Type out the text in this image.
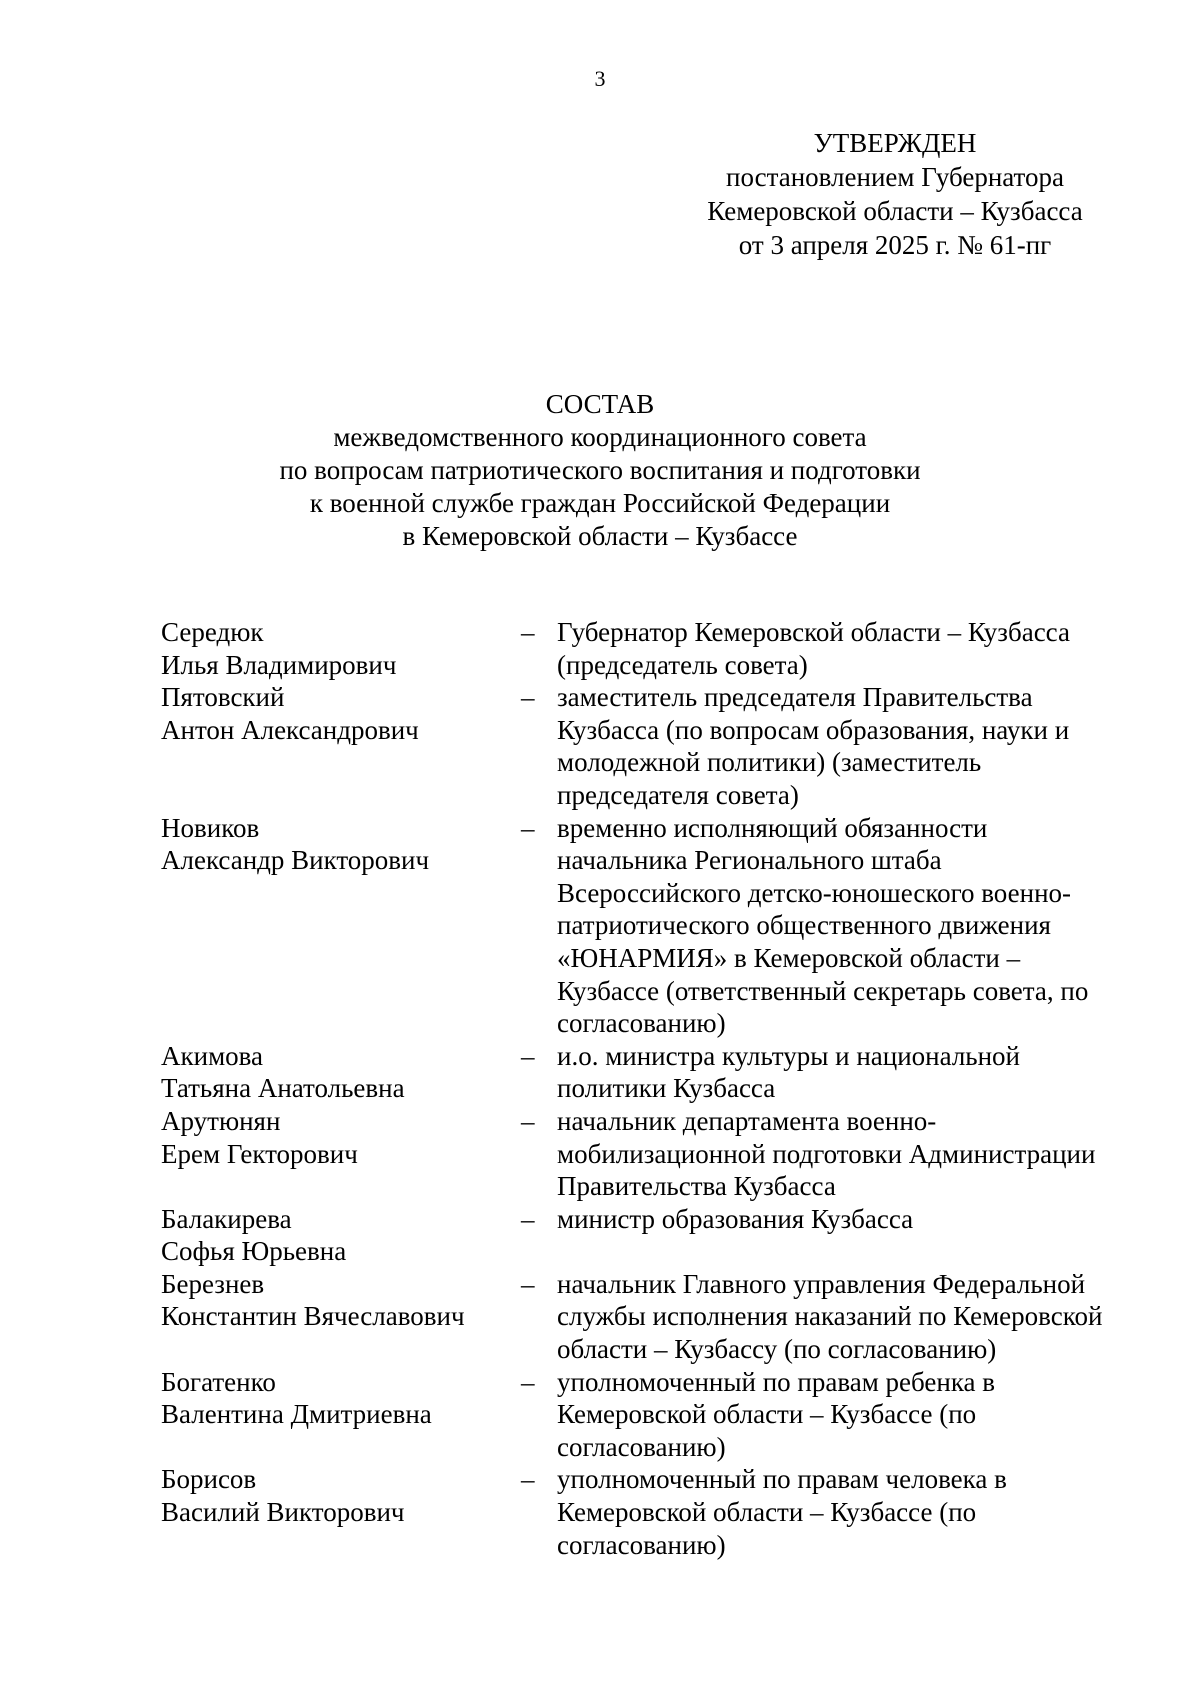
3
УТВЕРЖДЕН
постановлением Губернатора
Кемеровской области – Кузбасса
от 3 апреля 2025 г. № 61-пг
СОСТАВ
межведомственного координационного совета
по вопросам патриотического воспитания и подготовки
к военной службе граждан Российской Федерации
в Кемеровской области – Кузбассе
Середюк
Илья Владимирович
– Губернатор Кемеровской области – Кузбасса
(председатель совета)
Пятовский
Антон Александрович
– заместитель председателя Правительства
Кузбасса (по вопросам образования, науки и
молодежной политики) (заместитель
председателя совета)
Новиков
Александр Викторович
– временно исполняющий обязанности
начальника Регионального штаба
Всероссийского детско-юношеского военно-
патриотического общественного движения
«ЮНАРМИЯ» в Кемеровской области –
Кузбассе (ответственный секретарь совета, по
согласованию)
Акимова
Татьяна Анатольевна
– и.о. министра культуры и национальной
политики Кузбасса
Арутюнян
Ерем Гекторович
– начальник департамента военно-
мобилизационной подготовки Администрации
Правительства Кузбасса
Балакирева
Софья Юрьевна
– министр образования Кузбасса
Березнев
Константин Вячеславович
– начальник Главного управления Федеральной
службы исполнения наказаний по Кемеровской
области – Кузбассу (по согласованию)
Богатенко
Валентина Дмитриевна
– уполномоченный по правам ребенка в
Кемеровской области – Кузбассе (по
согласованию)
Борисов
Василий Викторович
– уполномоченный по правам человека в
Кемеровской области – Кузбассе (по
согласованию)
